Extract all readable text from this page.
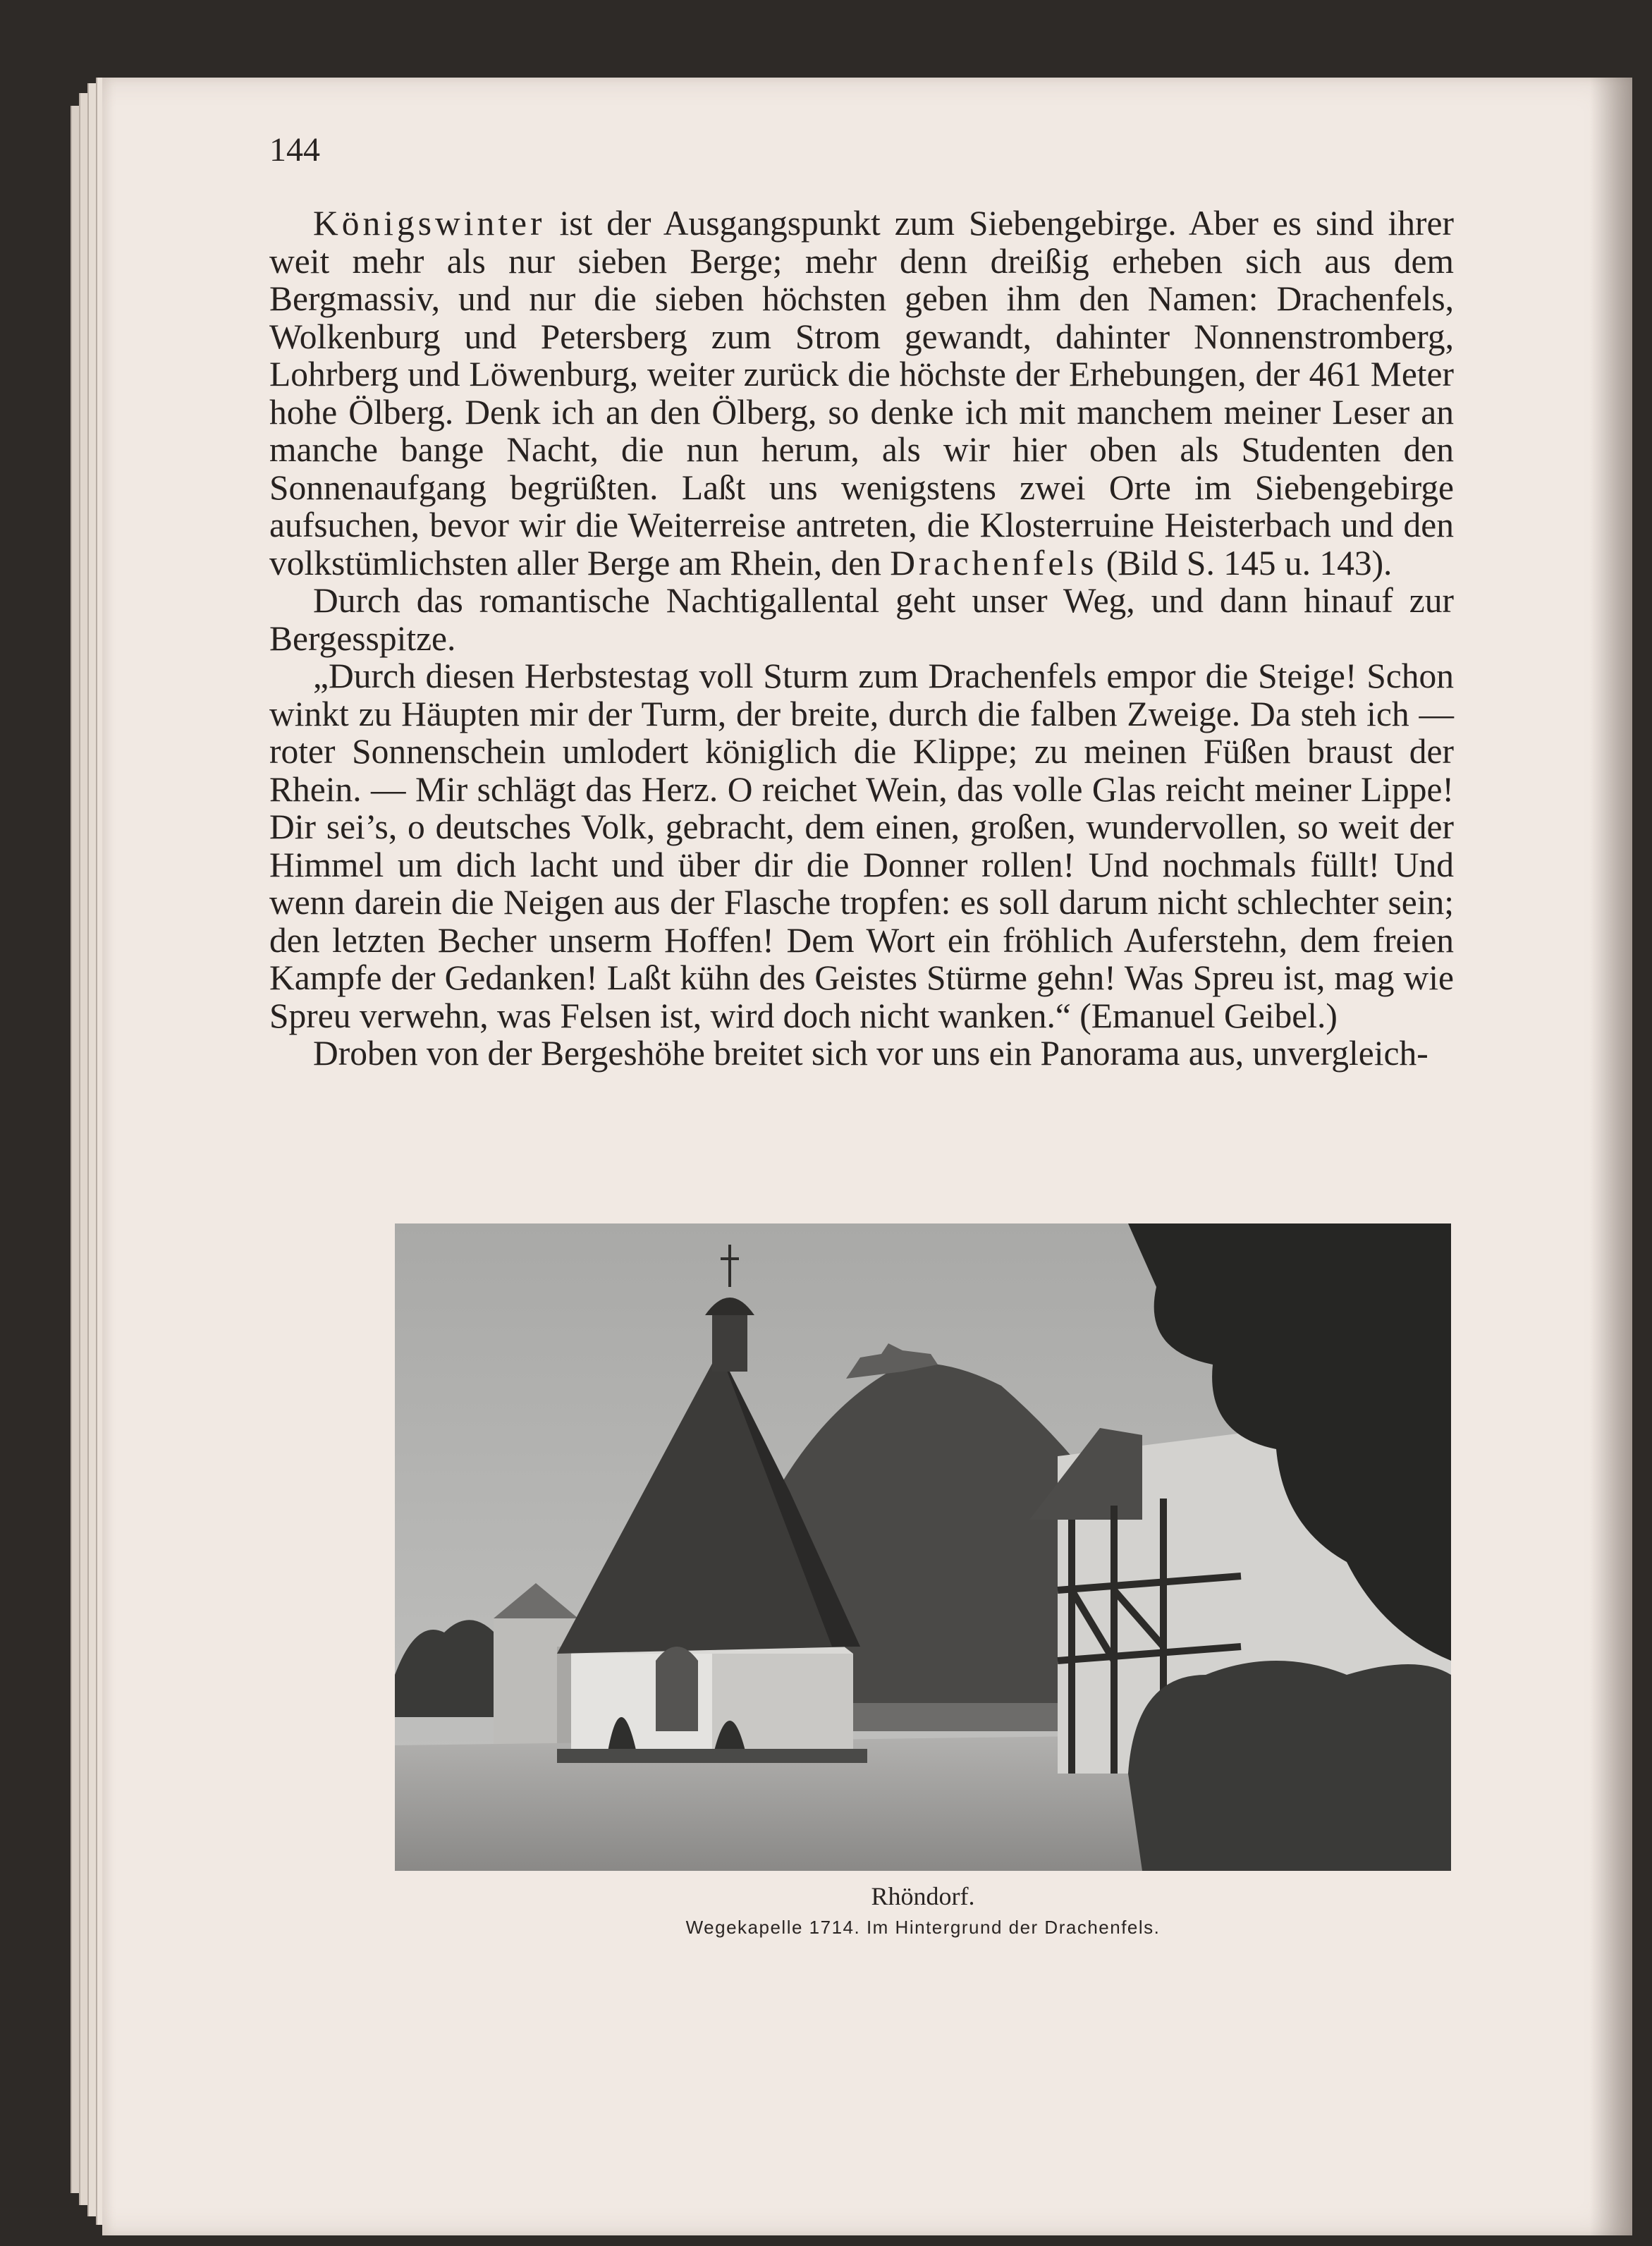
144

Königswinter ist der Ausgangspunkt zum Siebengebirge. Aber es sind ihrer weit mehr als nur sieben Berge; mehr denn dreißig erheben sich aus dem Bergmassiv, und nur die sieben höchsten geben ihm den Namen: Drachenfels, Wolkenburg und Petersberg zum Strom gewandt, dahinter Nonnenstromberg, Lohrberg und Löwenburg, weiter zurück die höchste der Erhebungen, der 461 Meter hohe Ölberg. Denk ich an den Ölberg, so denke ich mit manchem meiner Leser an manche bange Nacht, die nun herum, als wir hier oben als Studenten den Sonnenaufgang begrüßten. Laßt uns wenigstens zwei Orte im Siebengebirge aufsuchen, bevor wir die Weiterreise antreten, die Klosterruine Heisterbach und den volkstümlichsten aller Berge am Rhein, den Drachenfels (Bild S. 145 u. 143).

Durch das romantische Nachtigallental geht unser Weg, und dann hinauf zur Bergesspitze.

„Durch diesen Herbstestag voll Sturm zum Drachenfels empor die Steige! Schon winkt zu Häupten mir der Turm, der breite, durch die falben Zweige. Da steh ich — roter Sonnenschein umlodert königlich die Klippe; zu meinen Füßen braust der Rhein. — Mir schlägt das Herz. O reichet Wein, das volle Glas reicht meiner Lippe! Dir sei’s, o deutsches Volk, gebracht, dem einen, großen, wundervollen, so weit der Himmel um dich lacht und über dir die Donner rollen! Und nochmals füllt! Und wenn darein die Neigen aus der Flasche tropfen: es soll darum nicht schlechter sein; den letzten Becher unserm Hoffen! Dem Wort ein fröhlich Auferstehn, dem freien Kampfe der Gedanken! Laßt kühn des Geistes Stürme gehn! Was Spreu ist, mag wie Spreu verwehn, was Felsen ist, wird doch nicht wanken.“ (Emanuel Geibel.)

Droben von der Bergeshöhe breitet sich vor uns ein Panorama aus, unvergleich-

Rhöndorf.

Wegekapelle 1714. Im Hintergrund der Drachenfels.
